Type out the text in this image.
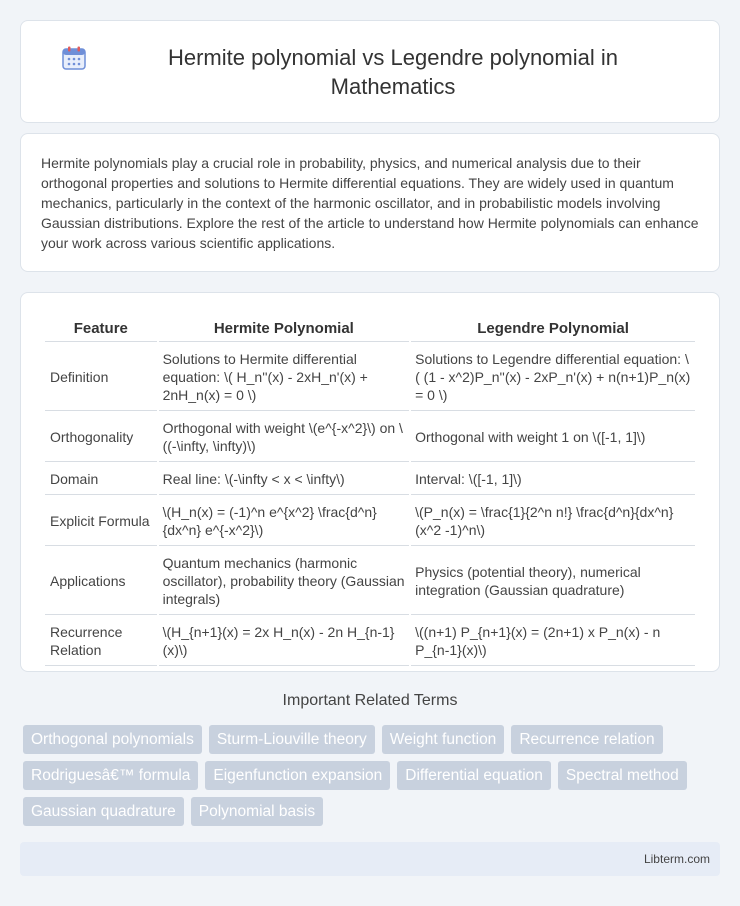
Hermite polynomial vs Legendre polynomial in Mathematics

Hermite polynomials play a crucial role in probability, physics, and numerical analysis due to their orthogonal properties and solutions to Hermite differential equations. They are widely used in quantum mechanics, particularly in the context of the harmonic oscillator, and in probabilistic models involving Gaussian distributions. Explore the rest of the article to understand how Hermite polynomials can enhance your work across various scientific applications.

Feature	Hermite Polynomial	Legendre Polynomial
Definition	Solutions to Hermite differential equation: \( H_n''(x) - 2xH_n'(x) + 2nH_n(x) = 0 \)	Solutions to Legendre differential equation: \( (1 - x^2)P_n''(x) - 2xP_n'(x) + n(n+1)P_n(x) = 0 \)
Orthogonality	Orthogonal with weight \(e^{-x^2}\) on \((-\infty, \infty)\)	Orthogonal with weight 1 on \([-1, 1]\)
Domain	Real line: \(-\infty < x < \infty\)	Interval: \([-1, 1]\)
Explicit Formula	\(H_n(x) = (-1)^n e^{x^2} \frac{d^n}{dx^n} e^{-x^2}\)	\(P_n(x) = \frac{1}{2^n n!} \frac{d^n}{dx^n}(x^2 -1)^n\)
Applications	Quantum mechanics (harmonic oscillator), probability theory (Gaussian integrals)	Physics (potential theory), numerical integration (Gaussian quadrature)
Recurrence Relation	\(H_{n+1}(x) = 2x H_n(x) - 2n H_{n-1}(x)\)	\((n+1) P_{n+1}(x) = (2n+1) x P_n(x) - n P_{n-1}(x)\)
Important Related Terms
Orthogonal polynomials	Sturm-Liouville theory	Weight function	Recurrence relation
Rodriguesâ€™ formula	Eigenfunction expansion	Differential equation	Spectral method
Gaussian quadrature	Polynomial basis
Libterm.com
